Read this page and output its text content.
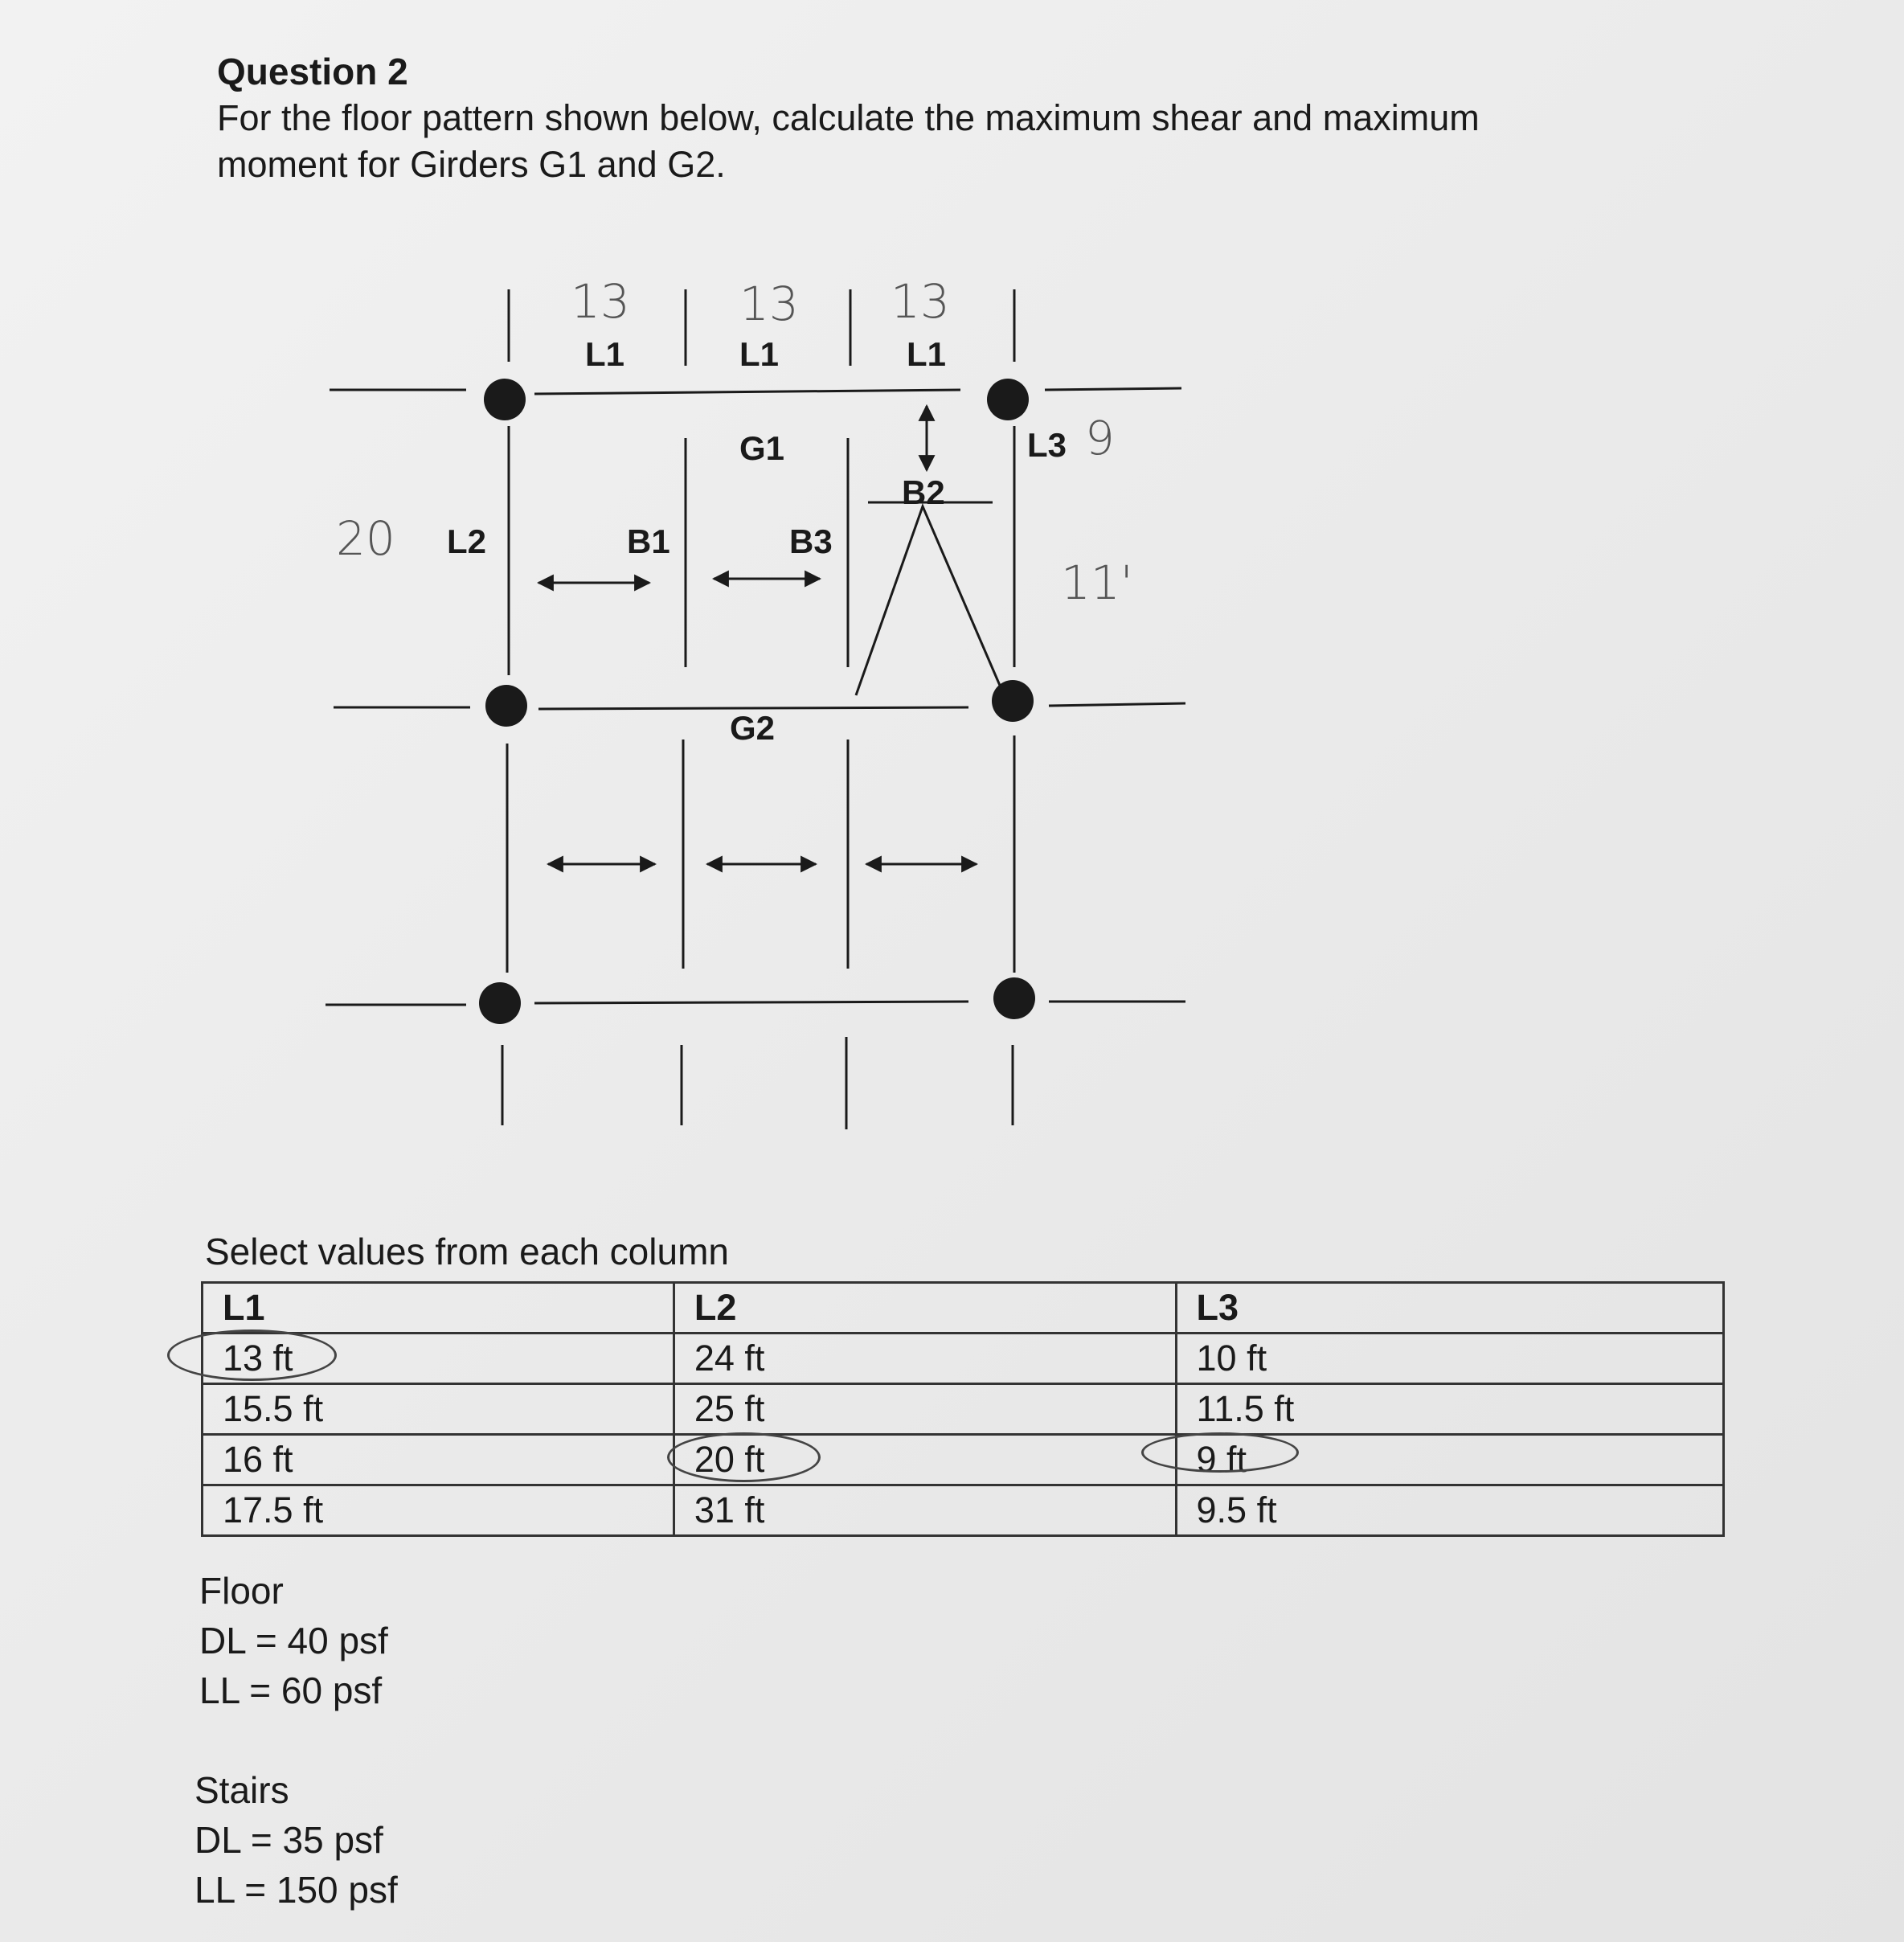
Question 2
For the floor pattern shown below, calculate the maximum shear and maximum
moment for Girders G1 and G2.
L1	L1	L1
G1
G2
L2
L3
B1
B2
B3
13 13 13
20
9
11'
Select values from each column
L1	L2	L3
13 ft	24 ft	10 ft
15.5 ft	25 ft	11.5 ft
16 ft	20 ft	9 ft

17.5 ft	31 ft	9.5 ft
Floor
DL = 40 psf
LL = 60 psf
Stairs
DL = 35 psf
LL = 150 psf
